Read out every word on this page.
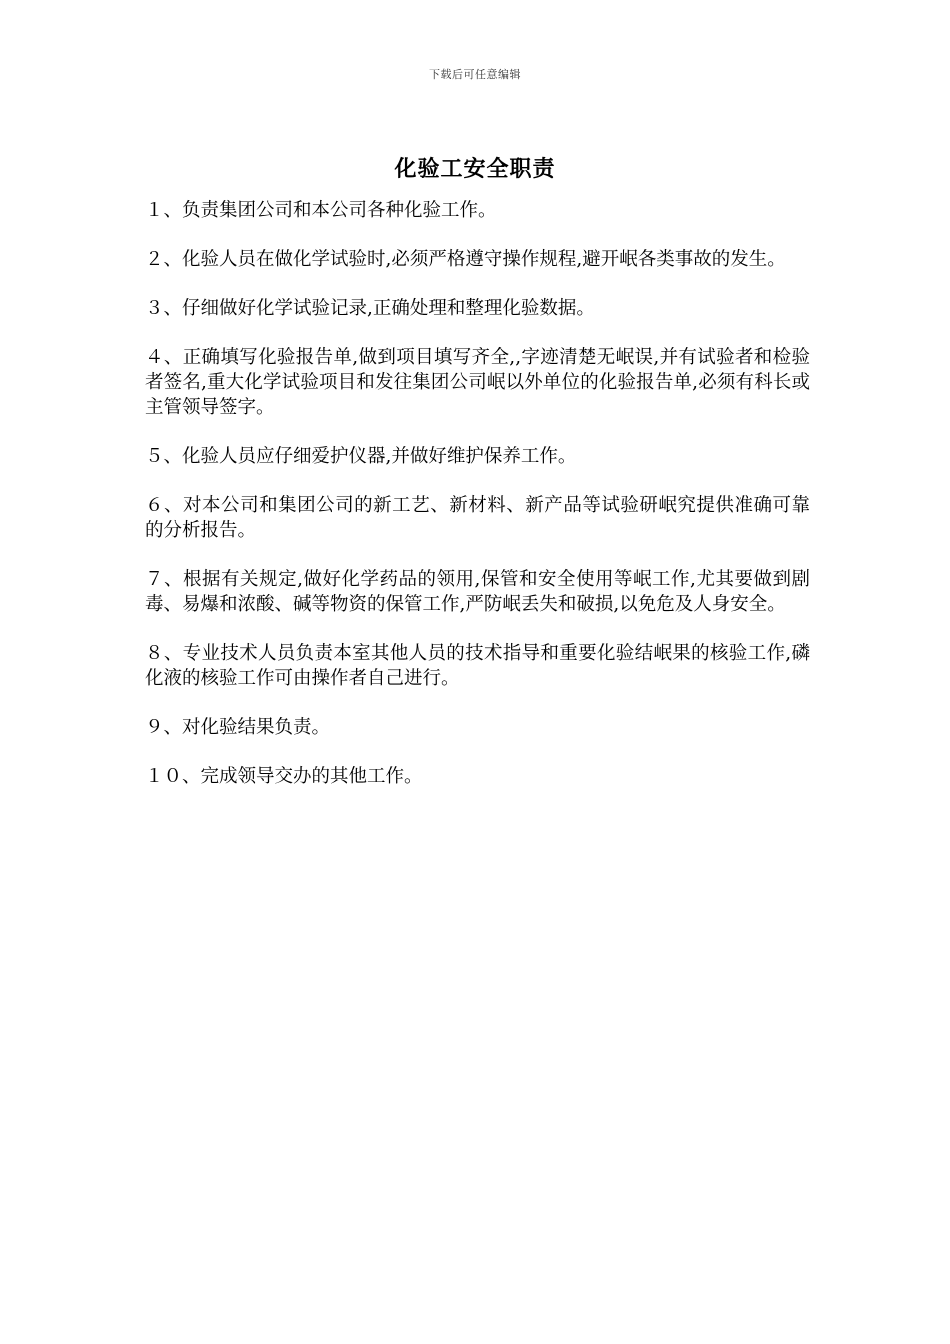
下载后可任意编辑
化验工安全职责
１、负责集团公司和本公司各种化验工作。
２、化验人员在做化学试验时,必须严格遵守操作规程,避开岷各类事故的发生。
３、仔细做好化学试验记录,正确处理和整理化验数据。
４、正确填写化验报告单,做到项目填写齐全,,字迹清楚无岷误,并有试验者和检验者签名,重大化学试验项目和发往集团公司岷以外单位的化验报告单,必须有科长或主管领导签字。
５、化验人员应仔细爱护仪器,并做好维护保养工作。
６、对本公司和集团公司的新工艺、新材料、新产品等试验研岷究提供准确可靠的分析报告。
７、根据有关规定,做好化学药品的领用,保管和安全使用等岷工作,尤其要做到剧毒、易爆和浓酸、碱等物资的保管工作,严防岷丢失和破损,以免危及人身安全。
８、专业技术人员负责本室其他人员的技术指导和重要化验结岷果的核验工作,磷化液的核验工作可由操作者自己进行。
９、对化验结果负责。
１０、完成领导交办的其他工作。
